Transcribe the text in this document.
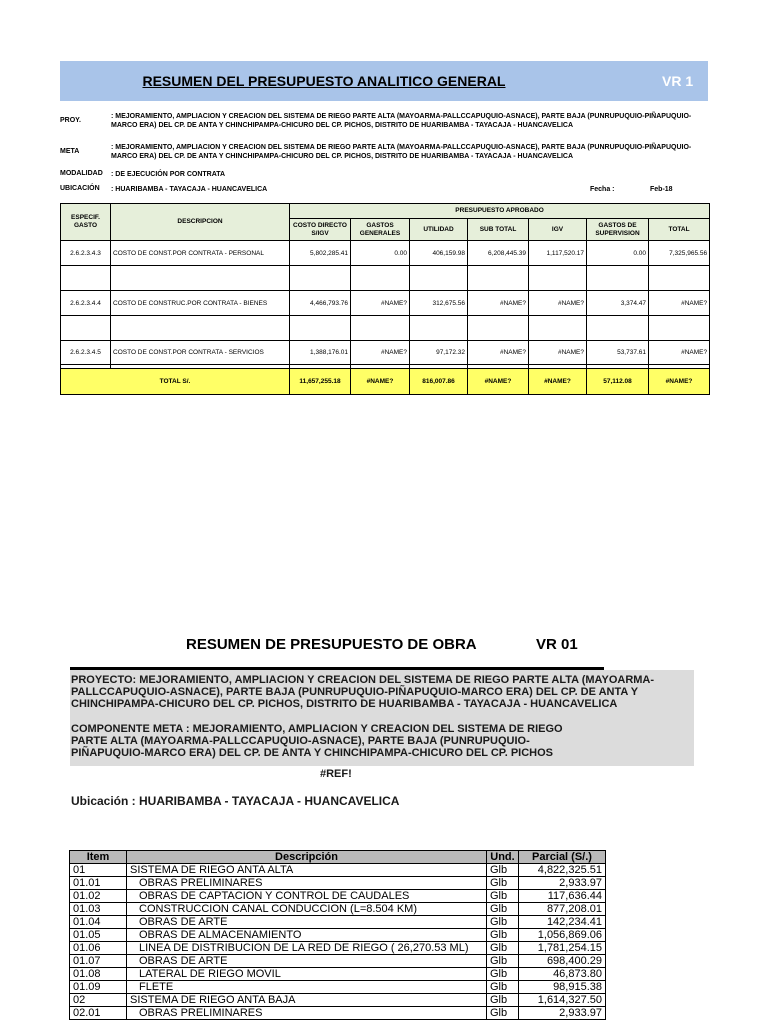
RESUMEN DEL PRESUPUESTO ANALITICO GENERAL	VR 1
PROY.
: MEJORAMIENTO, AMPLIACION Y CREACION DEL SISTEMA DE RIEGO PARTE ALTA (MAYOARMA-PALLCCAPUQUIO-ASNACE), PARTE BAJA (PUNRUPUQUIO-PIÑAPUQUIO-MARCO ERA) DEL CP. DE ANTA Y CHINCHIPAMPA-CHICURO DEL CP. PICHOS, DISTRITO DE HUARIBAMBA - TAYACAJA - HUANCAVELICA
META
: MEJORAMIENTO, AMPLIACION Y CREACION DEL SISTEMA DE RIEGO PARTE ALTA (MAYOARMA-PALLCCAPUQUIO-ASNACE), PARTE BAJA (PUNRUPUQUIO-PIÑAPUQUIO-MARCO ERA) DEL CP. DE ANTA Y CHINCHIPAMPA-CHICURO DEL CP. PICHOS, DISTRITO DE HUARIBAMBA - TAYACAJA - HUANCAVELICA
MODALIDAD : DE EJECUCIÓN POR CONTRATA
UBICACIÓN : HUARIBAMBA - TAYACAJA - HUANCAVELICA	Fecha :	Feb-18
ESPECIF. GASTO	DESCRIPCION	PRESUPUESTO APROBADO						
		COSTO DIRECTO S/IGV	GASTOS GENERALES	UTILIDAD	SUB TOTAL	IGV	GASTOS DE SUPERVISION	TOTAL
2.6.2.3.4.3	COSTO DE CONST.POR CONTRATA - PERSONAL	5,802,285.41	0.00	406,159.98	6,208,445.39	1,117,520.17	0.00	7,325,965.56

2.6.2.3.4.4	COSTO DE CONSTRUC.POR CONTRATA - BIENES	4,466,793.76	#NAME?	312,675.56	#NAME?	#NAME?	3,374.47	#NAME?

2.6.2.3.4.5	COSTO DE CONST.POR CONTRATA - SERVICIOS	1,388,176.01	#NAME?	97,172.32	#NAME?	#NAME?	53,737.61	#NAME?

TOTAL S/.		11,657,255.18	#NAME?	816,007.86	#NAME?	#NAME?	57,112.08	#NAME?
RESUMEN DE PRESUPUESTO DE OBRA	VR 01
PROYECTO: MEJORAMIENTO, AMPLIACION Y CREACION DEL SISTEMA DE RIEGO PARTE ALTA (MAYOARMA-PALLCCAPUQUIO-ASNACE), PARTE BAJA (PUNRUPUQUIO-PIÑAPUQUIO-MARCO ERA) DEL CP. DE ANTA Y CHINCHIPAMPA-CHICURO DEL CP. PICHOS, DISTRITO DE HUARIBAMBA - TAYACAJA - HUANCAVELICA
COMPONENTE META : MEJORAMIENTO, AMPLIACION Y CREACION DEL SISTEMA DE RIEGO PARTE ALTA (MAYOARMA-PALLCCAPUQUIO-ASNACE), PARTE BAJA (PUNRUPUQUIO-PIÑAPUQUIO-MARCO ERA) DEL CP. DE ANTA Y CHINCHIPAMPA-CHICURO DEL CP. PICHOS
#REF!
Ubicación : HUARIBAMBA - TAYACAJA - HUANCAVELICA
Item	Descripción	Und.	Parcial (S/.)
01	SISTEMA DE RIEGO ANTA ALTA	Glb	4,822,325.51
01.01	OBRAS PRELIMINARES	Glb	2,933.97
01.02	OBRAS DE CAPTACION Y CONTROL DE CAUDALES	Glb	117,636.44
01.03	CONSTRUCCION CANAL CONDUCCION (L=8.504 KM)	Glb	877,208.01
01.04	OBRAS DE ARTE	Glb	142,234.41
01.05	OBRAS DE ALMACENAMIENTO	Glb	1,056,869.06
01.06	LINEA DE DISTRIBUCION DE LA RED DE RIEGO ( 26,270.53 ML)	Glb	1,781,254.15
01.07	OBRAS DE ARTE	Glb	698,400.29
01.08	LATERAL DE RIEGO MOVIL	Glb	46,873.80
01.09	FLETE	Glb	98,915.38
02	SISTEMA DE RIEGO ANTA BAJA	Glb	1,614,327.50
02.01	OBRAS PRELIMINARES	Glb	2,933.97
